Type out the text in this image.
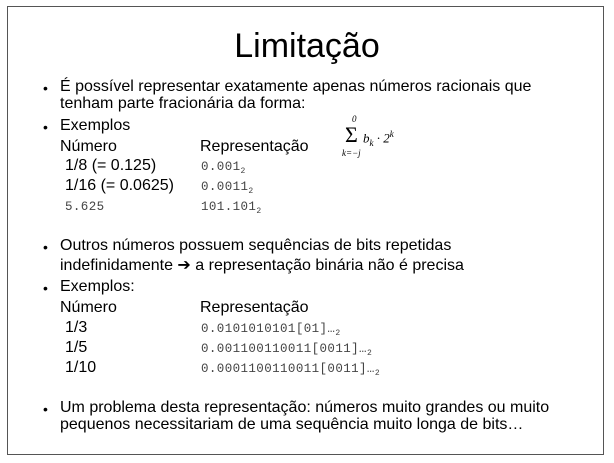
Limitação
• É possível representar exatamente apenas números racionais que
tenham parte fracionária da forma:
• Exemplos
Número	Representação
0
Σ
k=−j
$b_k \cdot 2^k$
1/8 (= 0.125)	$0.001_2$
1/16 (= 0.0625) $0.0011_2$
5.625	$101.101_2$
• Outros números possuem sequências de bits repetidas
indefinidamente ➔ a representação binária não é precisa
• Exemplos:
Número	Representação
1/3	$0.0101010101[01]\dots_2$
1/5	$0.001100110011[0011]\dots_2$
1/10	$0.0001100110011[0011]\dots_2$
• Um problema desta representação: números muito grandes ou muito
pequenos necessitariam de uma sequência muito longa de bits…
